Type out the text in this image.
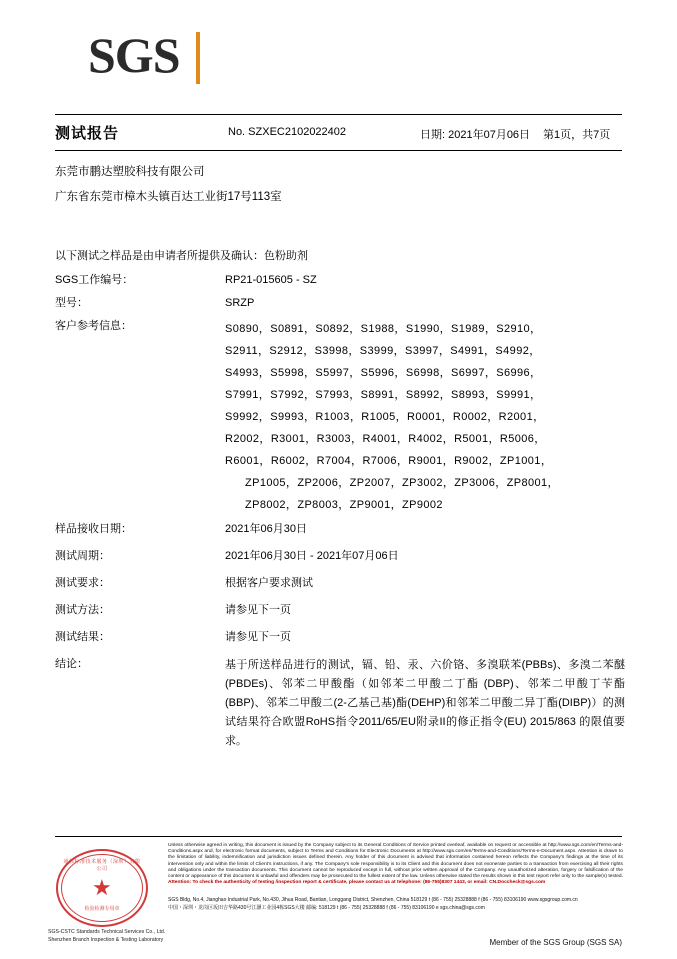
SGS
测试报告	No. SZXEC2102022402	日期: 2021年07月06日 第1页，共7页
东莞市鹏达塑胶科技有限公司
广东省东莞市樟木头镇百达工业街17号113室
以下测试之样品是由申请者所提供及确认：色粉助剂
SGS工作编号：	RP21-015605 - SZ
型号：	SRZP
客户参考信息：	S0890，S0891，S0892，S1988，S1990，S1989，S2910，
S2911，S2912，S3998，S3999，S3997，S4991，S4992，
S4993，S5998，S5997，S5996，S6998，S6997，S6996，
S7991，S7992，S7993，S8991，S8992，S8993，S9991，
S9992，S9993，R1003，R1005，R0001，R0002，R2001，
R2002，R3001，R3003，R4001，R4002，R5001，R5006，
R6001，R6002，R7004，R7006，R9001，R9002，ZP1001，
ZP1005，ZP2006，ZP2007，ZP3002，ZP3006，ZP8001，
ZP8002，ZP8003，ZP9001，ZP9002
样品接收日期：	2021年06月30日
测试周期：	2021年06月30日 - 2021年07月06日
测试要求：	根据客户要求测试
测试方法：	请参见下一页
测试结果：	请参见下一页
结论：	基于所送样品进行的测试，镉、铅、汞、六价铬、多溴联苯(PBBs)、多溴二苯醚(PBDEs)、邻苯二甲酸酯（如邻苯二甲酸二丁酯 (DBP)、邻苯二甲酸丁苄酯(BBP)、邻苯二甲酸二(2-乙基己基)酯(DEHP)和邻苯二甲酸二异丁酯(DIBP)）的测试结果符合欧盟RoHS指令2011/65/EU附录II的修正指令(EU) 2015/863 的限值要求。
通标标准技术服务（深圳）有限公司
★
检验检测专用章
SGS-CSTC Standards Technical Services Co., Ltd.
Shenzhen Branch Inspection & Testing Laboratory
Unless otherwise agreed in writing, this document is issued by the Company subject to its General Conditions of Service printed overleaf, available on request or accessible at http://www.sgs.com/en/Terms-and-Conditions.aspx and, for electronic format documents, subject to Terms and Conditions for Electronic Documents at http://www.sgs.com/en/Terms-and-Conditions/Terms-e-Document.aspx. Attention is drawn to the limitation of liability, indemnification and jurisdiction issues defined therein. Any holder of this document is advised that information contained hereon reflects the Company's findings at the time of its intervention only and within the limits of Client's instructions, if any. The Company's sole responsibility is to its Client and this document does not exonerate parties to a transaction from exercising all their rights and obligations under the transaction documents. This document cannot be reproduced except in full, without prior written approval of the Company. Any unauthorized alteration, forgery or falsification of the content or appearance of this document is unlawful and offenders may be prosecuted to the fullest extent of the law. Unless otherwise stated the results shown in this test report refer only to the sample(s) tested. Attention: To check the authenticity of testing /inspection report & certificate, please contact us at telephone: (86-755)8307 1443, or email: CN.Doccheck@sgs.com
SGS Bldg, No.4, Jianghao Industrial Park, No.430, Jihua Road, Bantian, Longgang District, Shenzhen, China 518129 t (86 - 755) 25328888 f (86 - 755) 83106190 www.sgsgroup.com.cn
中国・深圳・龙岗区坂田吉华路430号江灏工业园4栋SGS大楼 邮编: 518129 t (86 - 755) 25328888 f (86 - 755) 83106190 e sgs.china@sgs.com
Member of the SGS Group (SGS SA)
